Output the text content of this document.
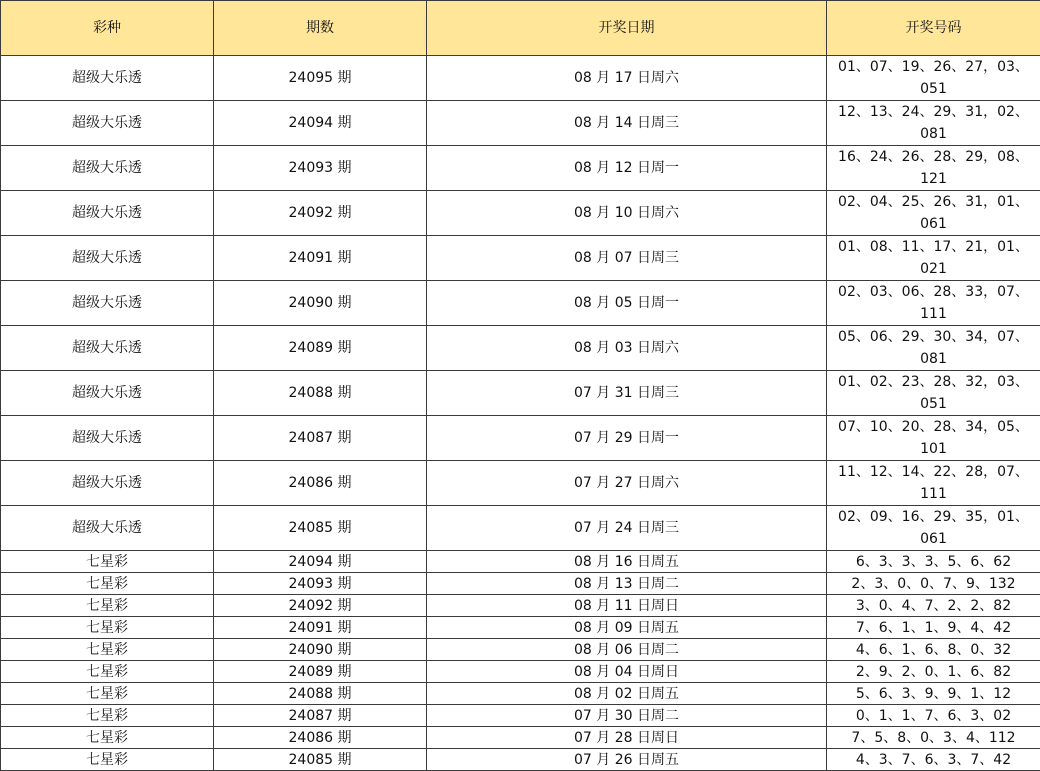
彩种	期数	开奖日期	开奖号码
超级大乐透	24095 期	08 月 17 日周六	01、07、19、26、27，03、
051

超级大乐透	24094 期	08 月 14 日周三	12、13、24、29、31，02、
081

超级大乐透	24093 期	08 月 12 日周一	16、24、26、28、29，08、
121

超级大乐透	24092 期	08 月 10 日周六	02、04、25、26、31，01、
061

超级大乐透	24091 期	08 月 07 日周三	01、08、11、17、21，01、
021

超级大乐透	24090 期	08 月 05 日周一	02、03、06、28、33，07、
111

超级大乐透	24089 期	08 月 03 日周六	05、06、29、30、34，07、
081

超级大乐透	24088 期	07 月 31 日周三	01、02、23、28、32，03、
051

超级大乐透	24087 期	07 月 29 日周一	07、10、20、28、34，05、
101

超级大乐透	24086 期	07 月 27 日周六	11、12、14、22、28，07、
111

超级大乐透	24085 期	07 月 24 日周三	02、09、16、29、35，01、
061

七星彩	24094 期	08 月 16 日周五	6、3、3、3、5、6、62

七星彩	24093 期	08 月 13 日周二	2、3、0、0、7、9、132

七星彩	24092 期	08 月 11 日周日	3、0、4、7、2、2、82

七星彩	24091 期	08 月 09 日周五	7、6、1、1、9、4、42

七星彩	24090 期	08 月 06 日周二	4、6、1、6、8、0、32

七星彩	24089 期	08 月 04 日周日	2、9、2、0、1、6、82

七星彩	24088 期	08 月 02 日周五	5、6、3、9、9、1、12

七星彩	24087 期	07 月 30 日周二	0、1、1、7、6、3、02

七星彩	24086 期	07 月 28 日周日	7、5、8、0、3、4、112

七星彩	24085 期	07 月 26 日周五	4、3、7、6、3、7、42
